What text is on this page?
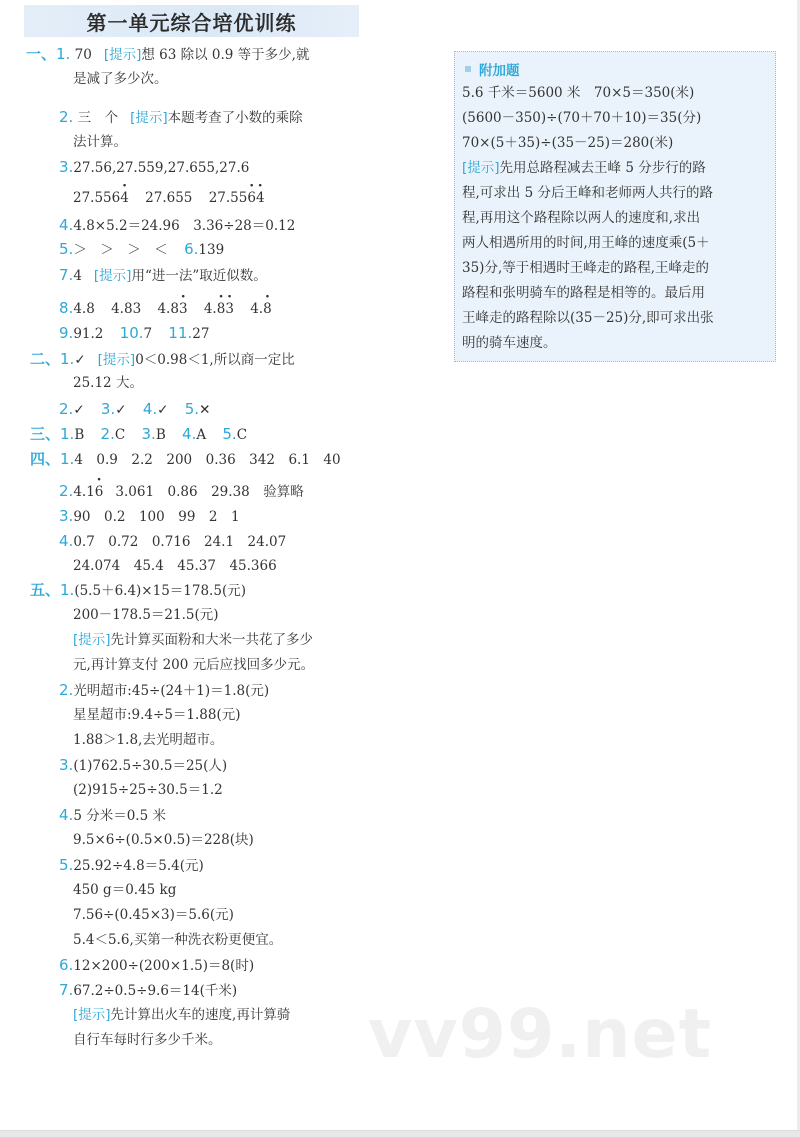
第一单元综合培优训练
一、1. 70 [提示]想 63 除以 0.9 等于多少,就
是减了多少次。
2. 三　个 [提示]本题考查了小数的乘除
法计算。
3.27.56,27.559,27.655,27.6
27.556· 4 27.655 27.55· 6· 4
4.4.8×5.2＝24.96　3.36÷28＝0.12
5.＞　＞　＞　＜ 6.139
7.4 [提示]用“进一法”取近似数。
8.4.8 4.83 4.8· 3 4.· 8· 3 4.· 8
9.91.2 10.7 11.27
二、1.✓ [提示]0＜0.98＜1,所以商一定比
25.12 大。
2.✓ 3.✓ 4.✓ 5.✕
三、1.B 2.C 3.B 4.A 5.C
四、1.4　0.9　2.2　200　0.36　342　6.1　40
2.4.1· 6 3.061　0.86　29.38　验算略
3.90　0.2　100　99　2　1
4.0.7　0.72　0.716　24.1　24.07
24.074　45.4　45.37　45.366
五、1.(5.5＋6.4)×15＝178.5(元)
200－178.5＝21.5(元)
[提示]先计算买面粉和大米一共花了多少
元,再计算支付 200 元后应找回多少元。
2.光明超市:45÷(24＋1)＝1.8(元)
星星超市:9.4÷5＝1.88(元)
1.88＞1.8,去光明超市。
3.(1)762.5÷30.5＝25(人)
(2)915÷25÷30.5＝1.2
4.5 分米＝0.5 米
9.5×6÷(0.5×0.5)＝228(块)
5.25.92÷4.8＝5.4(元)
450 g＝0.45 kg
7.56÷(0.45×3)＝5.6(元)
5.4＜5.6,买第一种洗衣粉更便宜。
6.12×200÷(200×1.5)＝8(时)
7.67.2÷0.5÷9.6＝14(千米)
[提示]先计算出火车的速度,再计算骑
自行车每时行多少千米。
附加题
5.6 千米＝5600 米　70×5＝350(米)
(5600－350)÷(70＋70＋10)＝35(分)
70×(5＋35)÷(35－25)＝280(米)
[提示]先用总路程减去王峰 5 分步行的路
程,可求出 5 分后王峰和老师两人共行的路
程,再用这个路程除以两人的速度和,求出
两人相遇所用的时间,用王峰的速度乘(5＋
35)分,等于相遇时王峰走的路程,王峰走的
路程和张明骑车的路程是相等的。最后用
王峰走的路程除以(35－25)分,即可求出张
明的骑车速度。
vv99.net
